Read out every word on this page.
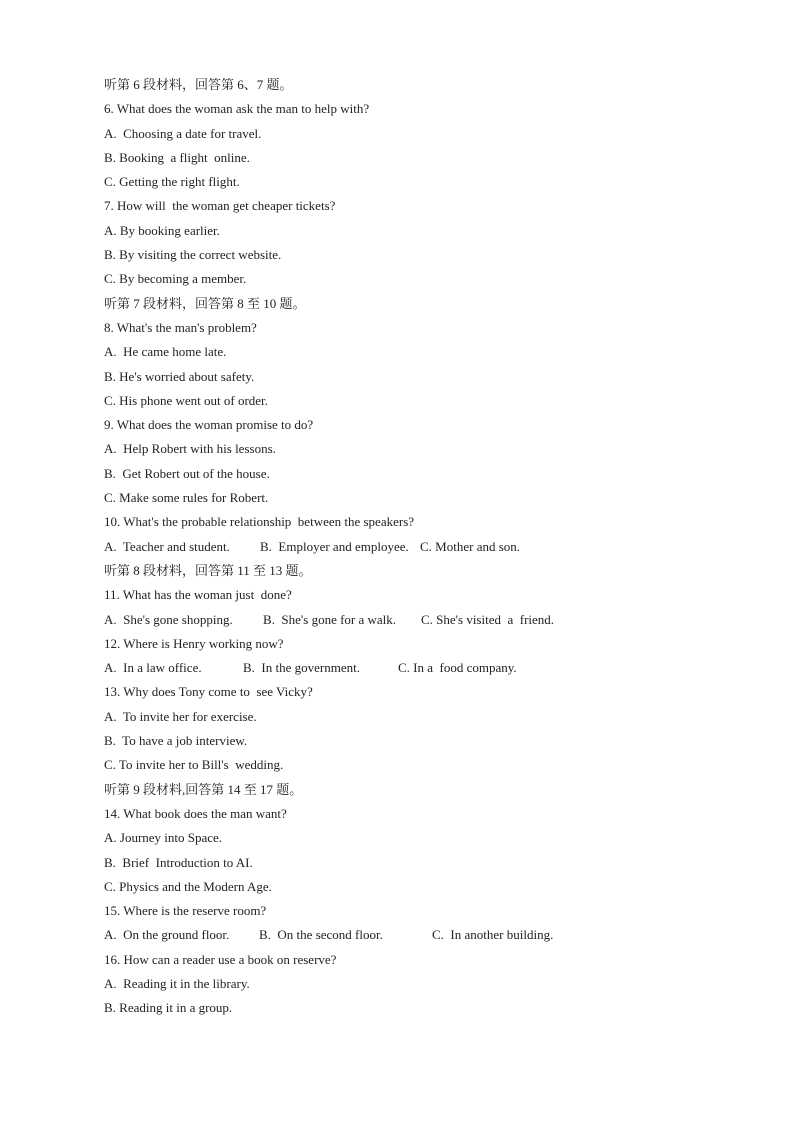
听第 6 段材料，回答第 6、7 题。
6. What does the woman ask the man to help with?
A.  Choosing a date for travel.
B. Booking  a flight  online.
C. Getting the right flight.
7. How will  the woman get cheaper tickets?
A. By booking earlier.
B. By visiting the correct website.
C. By becoming a member.
听第 7 段材料，回答第 8 至 10 题。
8. What's the man's problem?
A.  He came home late.
B. He's worried about safety.
C. His phone went out of order.
9. What does the woman promise to do?
A.  Help Robert with his lessons.
B.  Get Robert out of the house.
C. Make some rules for Robert.
10. What's the probable relationship  between the speakers?
A.  Teacher and student.	B.  Employer and employee. C. Mother and son.
听第 8 段材料，回答第 11 至 13 题。
11. What has the woman just  done?
A.  She's gone shopping.	B.  She's gone for a walk.	C. She's visited  a  friend.
12. Where is Henry working now?
A.  In a law office.	B.  In the government.	C. In a  food company.
13. Why does Tony come to  see Vicky?
A.  To invite her for exercise.
B.  To have a job interview.
C. To invite her to Bill's  wedding.
听第 9 段材料,回答第 14 至 17 题。
14. What book does the man want?
A. Journey into Space.
B.  Brief  Introduction to AI.
C. Physics and the Modern Age.
15. Where is the reserve room?
A.  On the ground floor.	B.  On the second floor.	C.  In another building.
16. How can a reader use a book on reserve?
A.  Reading it in the library.
B. Reading it in a group.
